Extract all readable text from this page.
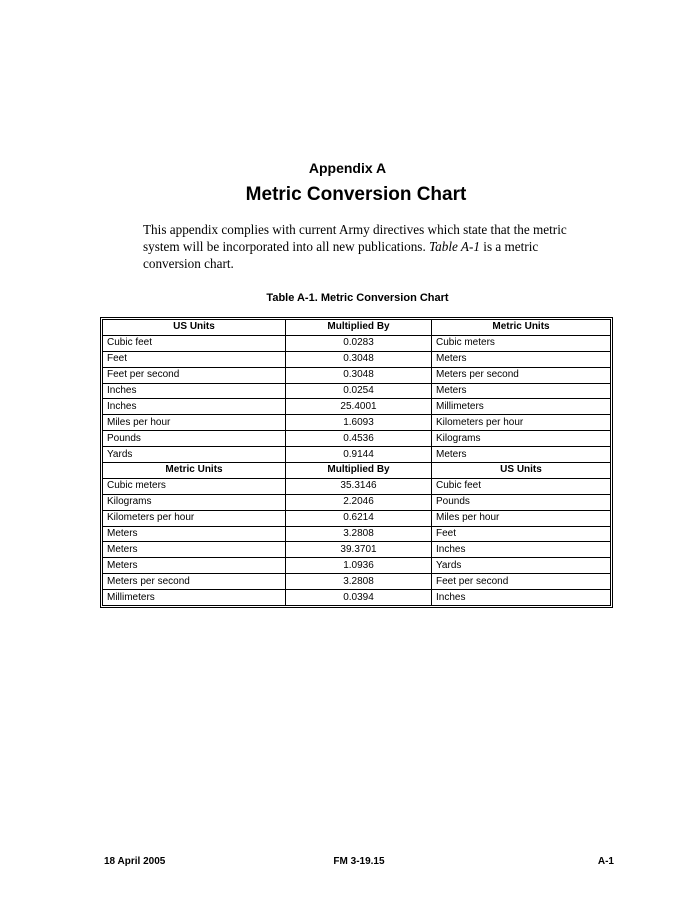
Appendix A
Metric Conversion Chart

This appendix complies with current Army directives which state that the metric system will be incorporated into all new publications. Table A-1 is a metric conversion chart.

Table A-1. Metric Conversion Chart
US Units	Multiplied By	Metric Units
Cubic feet	0.0283	Cubic meters
Feet	0.3048	Meters
Feet per second	0.3048	Meters per second
Inches	0.0254	Meters
Inches	25.4001	Millimeters
Miles per hour	1.6093	Kilometers per hour
Pounds	0.4536	Kilograms
Yards	0.9144	Meters
Metric Units	Multiplied By	US Units
Cubic meters	35.3146	Cubic feet
Kilograms	2.2046	Pounds
Kilometers per hour	0.6214	Miles per hour
Meters	3.2808	Feet
Meters	39.3701	Inches
Meters	1.0936	Yards
Meters per second	3.2808	Feet per second
Millimeters	0.0394	Inches
18 April 2005	FM 3-19.15	A-1
